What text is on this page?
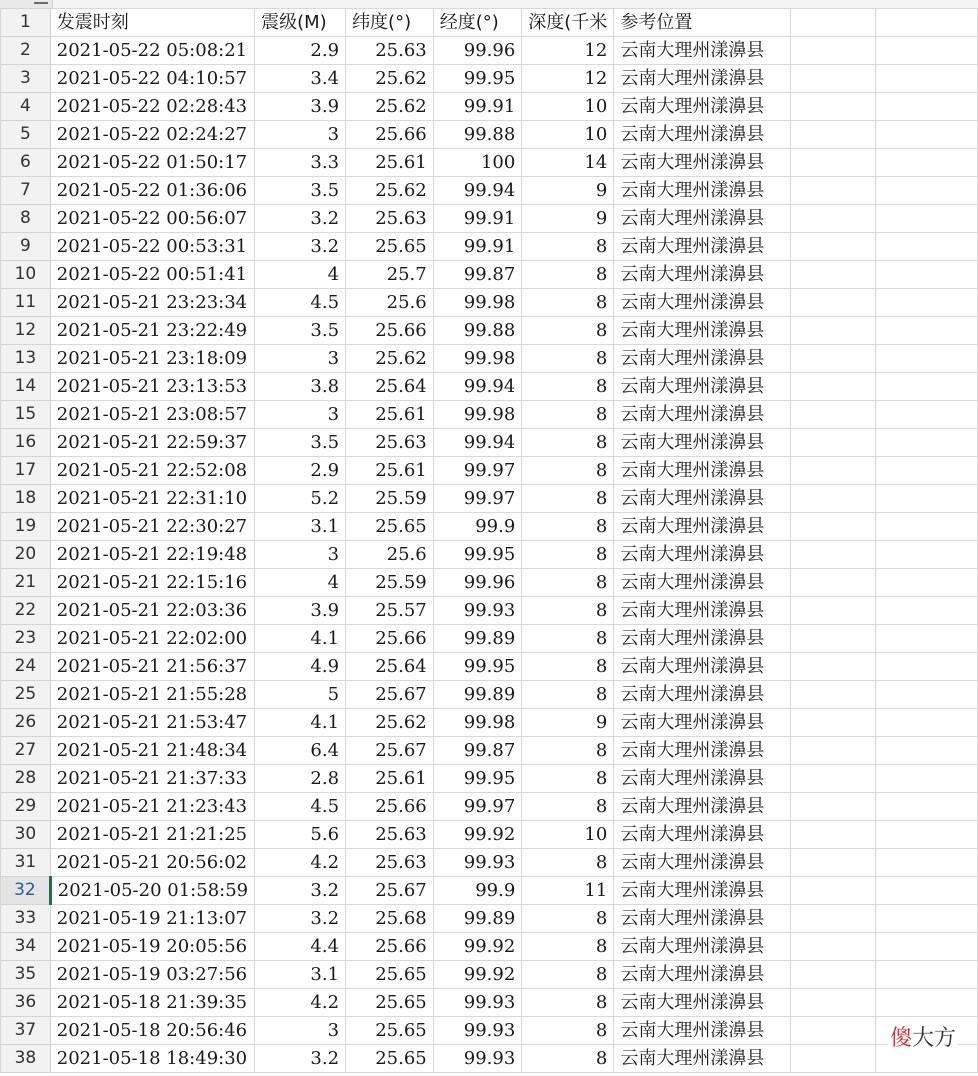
1	发震时刻	震级(M)	纬度(°)	经度(°)	深度(千米	参考位置		
2	2021-05-22 05:08:21	2.9	25.63	99.96	12	云南大理州漾濞县		
3	2021-05-22 04:10:57	3.4	25.62	99.95	12	云南大理州漾濞县		
4	2021-05-22 02:28:43	3.9	25.62	99.91	10	云南大理州漾濞县		
5	2021-05-22 02:24:27	3	25.66	99.88	10	云南大理州漾濞县		
6	2021-05-22 01:50:17	3.3	25.61	100	14	云南大理州漾濞县		
7	2021-05-22 01:36:06	3.5	25.62	99.94	9	云南大理州漾濞县		
8	2021-05-22 00:56:07	3.2	25.63	99.91	9	云南大理州漾濞县		
9	2021-05-22 00:53:31	3.2	25.65	99.91	8	云南大理州漾濞县		
10	2021-05-22 00:51:41	4	25.7	99.87	8	云南大理州漾濞县		
11	2021-05-21 23:23:34	4.5	25.6	99.98	8	云南大理州漾濞县		
12	2021-05-21 23:22:49	3.5	25.66	99.88	8	云南大理州漾濞县		
13	2021-05-21 23:18:09	3	25.62	99.98	8	云南大理州漾濞县		
14	2021-05-21 23:13:53	3.8	25.64	99.94	8	云南大理州漾濞县		
15	2021-05-21 23:08:57	3	25.61	99.98	8	云南大理州漾濞县		
16	2021-05-21 22:59:37	3.5	25.63	99.94	8	云南大理州漾濞县		
17	2021-05-21 22:52:08	2.9	25.61	99.97	8	云南大理州漾濞县		
18	2021-05-21 22:31:10	5.2	25.59	99.97	8	云南大理州漾濞县		
19	2021-05-21 22:30:27	3.1	25.65	99.9	8	云南大理州漾濞县		
20	2021-05-21 22:19:48	3	25.6	99.95	8	云南大理州漾濞县		
21	2021-05-21 22:15:16	4	25.59	99.96	8	云南大理州漾濞县		
22	2021-05-21 22:03:36	3.9	25.57	99.93	8	云南大理州漾濞县		
23	2021-05-21 22:02:00	4.1	25.66	99.89	8	云南大理州漾濞县		
24	2021-05-21 21:56:37	4.9	25.64	99.95	8	云南大理州漾濞县		
25	2021-05-21 21:55:28	5	25.67	99.89	8	云南大理州漾濞县		
26	2021-05-21 21:53:47	4.1	25.62	99.98	9	云南大理州漾濞县		
27	2021-05-21 21:48:34	6.4	25.67	99.87	8	云南大理州漾濞县		
28	2021-05-21 21:37:33	2.8	25.61	99.95	8	云南大理州漾濞县		
29	2021-05-21 21:23:43	4.5	25.66	99.97	8	云南大理州漾濞县		
30	2021-05-21 21:21:25	5.6	25.63	99.92	10	云南大理州漾濞县		
31	2021-05-21 20:56:02	4.2	25.63	99.93	8	云南大理州漾濞县		
32	2021-05-20 01:58:59	3.2	25.67	99.9	11	云南大理州漾濞县		
33	2021-05-19 21:13:07	3.2	25.68	99.89	8	云南大理州漾濞县		
34	2021-05-19 20:05:56	4.4	25.66	99.92	8	云南大理州漾濞县		
35	2021-05-19 03:27:56	3.1	25.65	99.92	8	云南大理州漾濞县		
36	2021-05-18 21:39:35	4.2	25.65	99.93	8	云南大理州漾濞县		
37	2021-05-18 20:56:46	3	25.65	99.93	8	云南大理州漾濞县		
38	2021-05-18 18:49:30	3.2	25.65	99.93	8	云南大理州漾濞县		
傻大方
